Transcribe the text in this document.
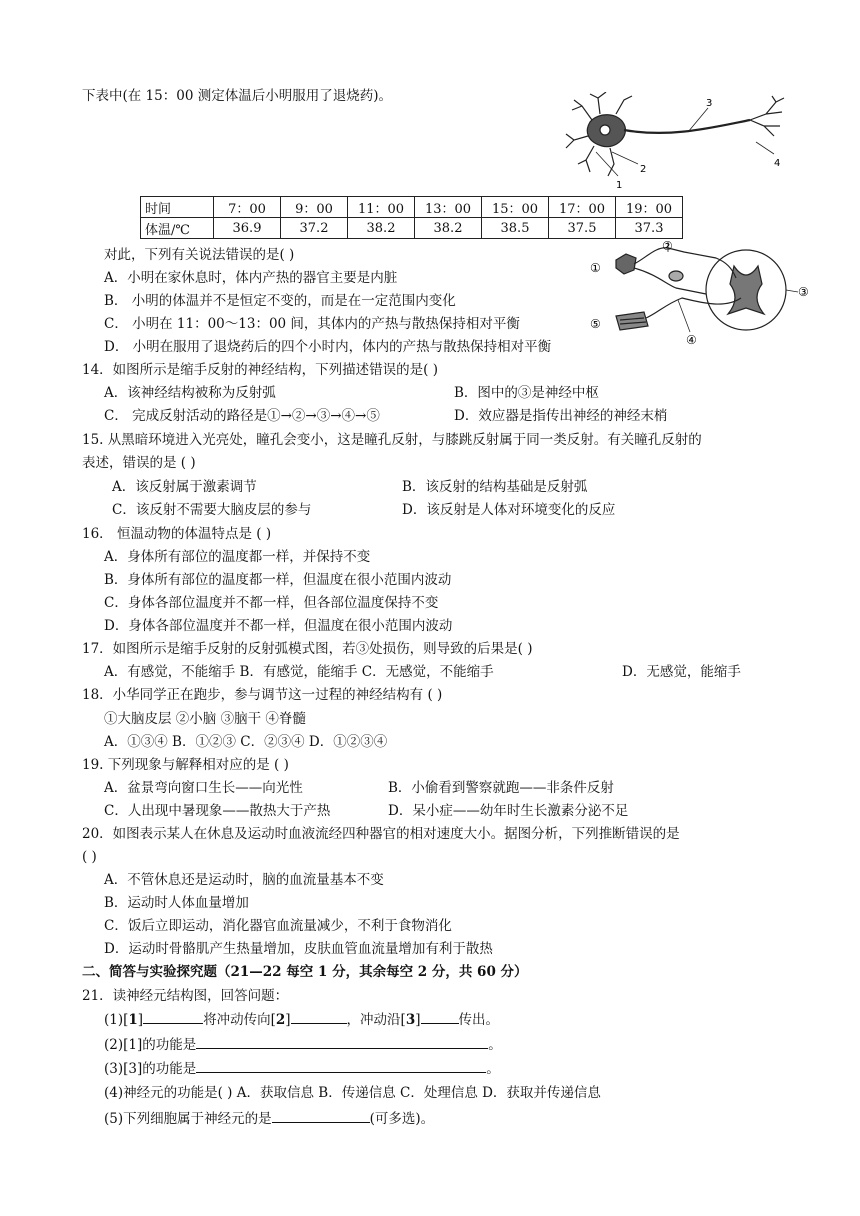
下表中(在 15：00 测定体温后小明服用了退烧药)。	3
4
1
2
时间	7：00	9：00	11：00	13：00	15：00	17：00	19：00
体温/℃	36.9	37.2	38.2	38.2	38.5	37.5	37.3
①
②
③
④
⑤
对此，下列有关说法错误的是( )
A．小明在家休息时，体内产热的器官主要是内脏
B． 小明的体温并不是恒定不变的，而是在一定范围内变化
C． 小明在 11：00～13：00 间，其体内的产热与散热保持相对平衡
D． 小明在服用了退烧药后的四个小时内，体内的产热与散热保持相对平衡
14．如图所示是缩手反射的神经结构，下列描述错误的是( )
A．该神经结构被称为反射弧	B．图中的③是神经中枢
C． 完成反射活动的路径是①→②→③→④→⑤	D．效应器是指传出神经的神经末梢
15. 从黑暗环境进入光亮处，瞳孔会变小，这是瞳孔反射，与膝跳反射属于同一类反射。有关瞳孔反射的
表述，错误的是 ( )
A．该反射属于激素调节	B．该反射的结构基础是反射弧
C．该反射不需要大脑皮层的参与	D．该反射是人体对环境变化的反应
16． 恒温动物的体温特点是 ( )
A．身体所有部位的温度都一样，并保持不变
B．身体所有部位的温度都一样，但温度在很小范围内波动
C．身体各部位温度并不都一样，但各部位温度保持不变
D．身体各部位温度并不都一样，但温度在很小范围内波动
17．如图所示是缩手反射的反射弧模式图，若③处损伤，则导致的后果是( )
A．有感觉，不能缩手 B．有感觉，能缩手 C．无感觉，不能缩手	D．无感觉，能缩手
18．小华同学正在跑步，参与调节这一过程的神经结构有 ( )
①大脑皮层 ②小脑 ③脑干 ④脊髓
A．①③④ B．①②③ C．②③④ D．①②③④
19. 下列现象与解释相对应的是 ( )
A．盆景弯向窗口生长——向光性	B．小偷看到警察就跑——非条件反射
C．人出现中暑现象——散热大于产热	D．呆小症——幼年时生长激素分泌不足
20．如图表示某人在休息及运动时血液流经四种器官的相对速度大小。据图分析，下列推断错误的是
( )
A．不管休息还是运动时，脑的血流量基本不变
B．运动时人体血量增加
C．饭后立即运动，消化器官血流量减少，不利于食物消化
D．运动时骨骼肌产生热量增加，皮肤血管血流量增加有利于散热
二、简答与实验探究题（21—22 每空 1 分，其余每空 2 分，共 60 分）
21．读神经元结构图，回答问题：
(1)[1]	将冲动传向[2]	，冲动沿[3]	传出。
(2)[1]的功能是	。
(3)[3]的功能是	。
(4)神经元的功能是( ) A．获取信息 B．传递信息 C．处理信息 D．获取并传递信息
(5)下列细胞属于神经元的是	(可多选)。
